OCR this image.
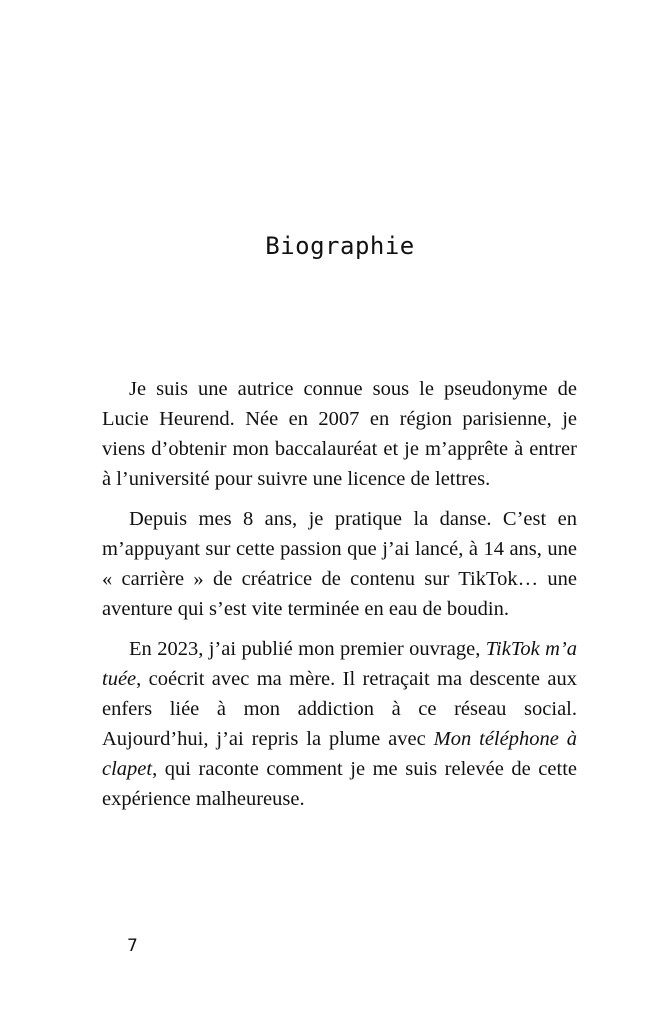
Biographie

Je suis une autrice connue sous le pseudonyme de Lucie Heurend. Née en 2007 en région parisienne, je viens d’obtenir mon baccalauréat et je m’apprête à entrer à l’université pour suivre une licence de lettres.

Depuis mes 8 ans, je pratique la danse. C’est en m’appuyant sur cette passion que j’ai lancé, à 14 ans, une « carrière » de créatrice de contenu sur TikTok… une aventure qui s’est vite terminée en eau de boudin.

En 2023, j’ai publié mon premier ouvrage, TikTok m’a tuée, coécrit avec ma mère. Il retraçait ma descente aux enfers liée à mon addiction à ce réseau social. Aujourd’hui, j’ai repris la plume avec Mon téléphone à clapet, qui raconte comment je me suis relevée de cette expérience malheureuse.

7
